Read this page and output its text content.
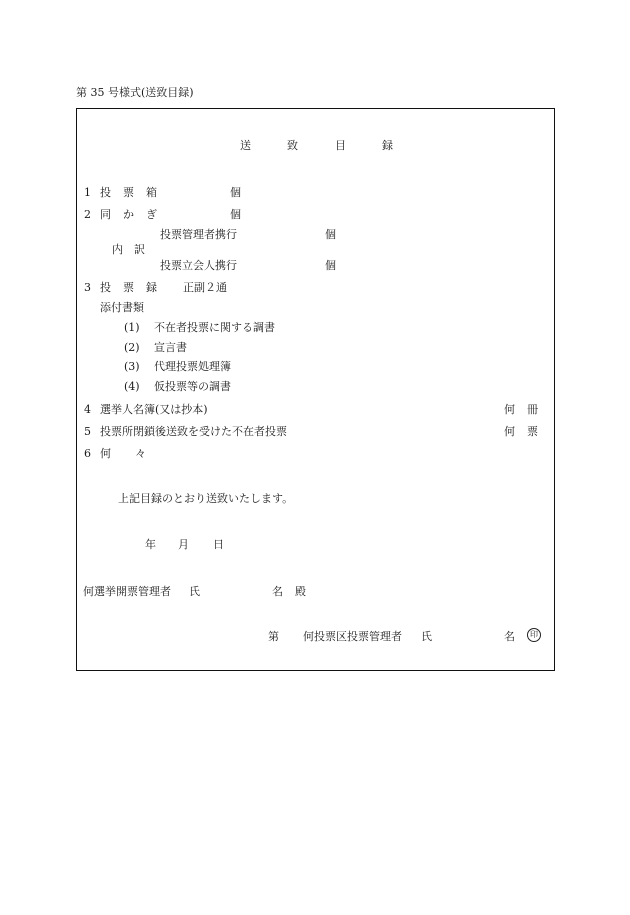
第 35 号様式(送致目録)
送	致	目	録
1 投 票 箱	個
2 同 か ぎ	個
投票管理者携行	個
内 訳
投票立会人携行	個
3 投 票 録 正副２通
添付書類
(1) 不在者投票に関する調書
(2) 宣言書
(3) 代理投票処理簿
(4) 仮投票等の調書
4 選挙人名簿(又は抄本)	何 冊
5 投票所閉鎖後送致を受けた不在者投票	何 票
6 何 々
上記目録のとおり送致いたします。
年 月 日
何選挙開票管理者 氏	名 殿
第 何投票区投票管理者 氏	名	印
